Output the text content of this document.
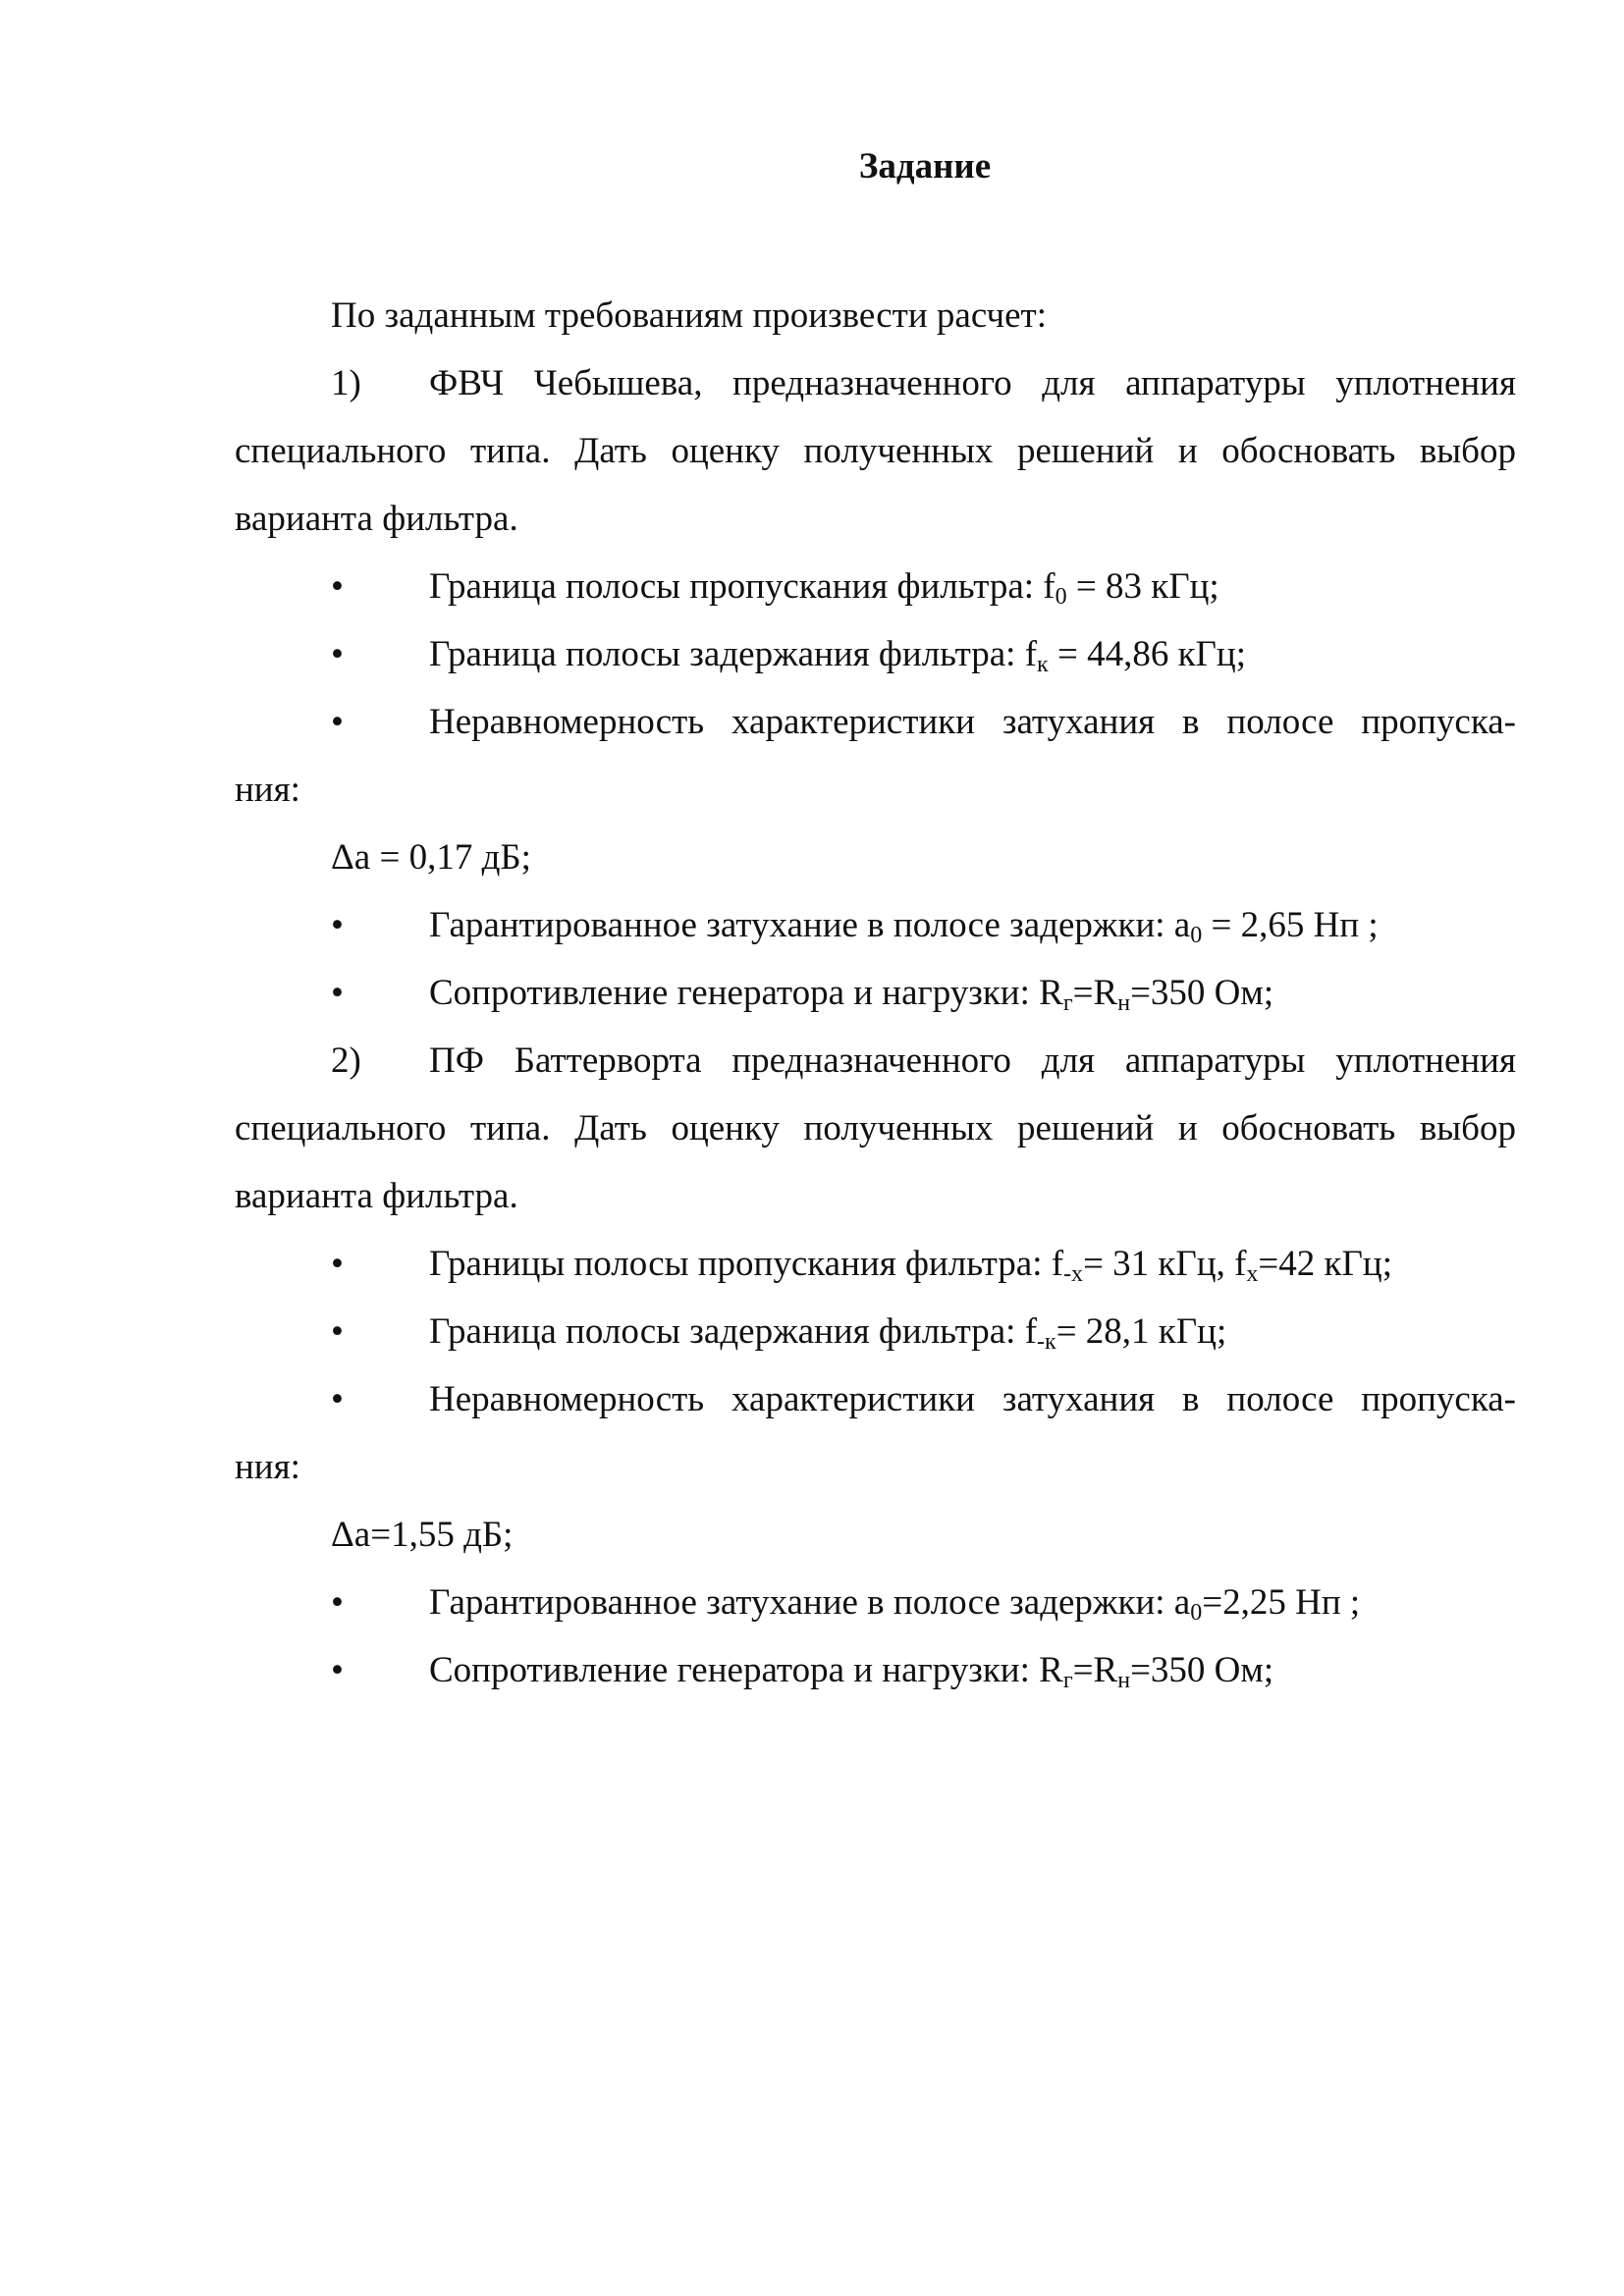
Задание
По заданным требованиям произвести расчет:
1) ФВЧ Чебышева, предназначенного для аппаратуры уплотнения
специального типа. Дать оценку полученных решений и обосновать выбор
варианта фильтра.
•
Граница полосы пропускания фильтра: $f_0 = 83$ кГц;
•
Граница полосы задержания фильтра: $f_к = 44,86$ кГц;
•
Неравномерность характеристики затухания в полосе пропуска-
ния:
Δа = 0,17 дБ;
•
Гарантированное затухание в полосе задержки: $а_0 = 2,65$ Нп ;
•
Сопротивление генератора и нагрузки: $R_г=R_н=350$ Ом;
2) ПФ Баттерворта предназначенного для аппаратуры уплотнения
специального типа. Дать оценку полученных решений и обосновать выбор
варианта фильтра.
•
Границы полосы пропускания фильтра: $f_{-х}= 31$ кГц, $f_х=42$ кГц;
•
Граница полосы задержания фильтра: $f_{-к}= 28,1$ кГц;
•
Неравномерность характеристики затухания в полосе пропуска-
ния:
Δа=1,55 дБ;
•
Гарантированное затухание в полосе задержки: $а_0=2,25$ Нп ;
•
Сопротивление генератора и нагрузки: $R_г=R_н=350$ Ом;
